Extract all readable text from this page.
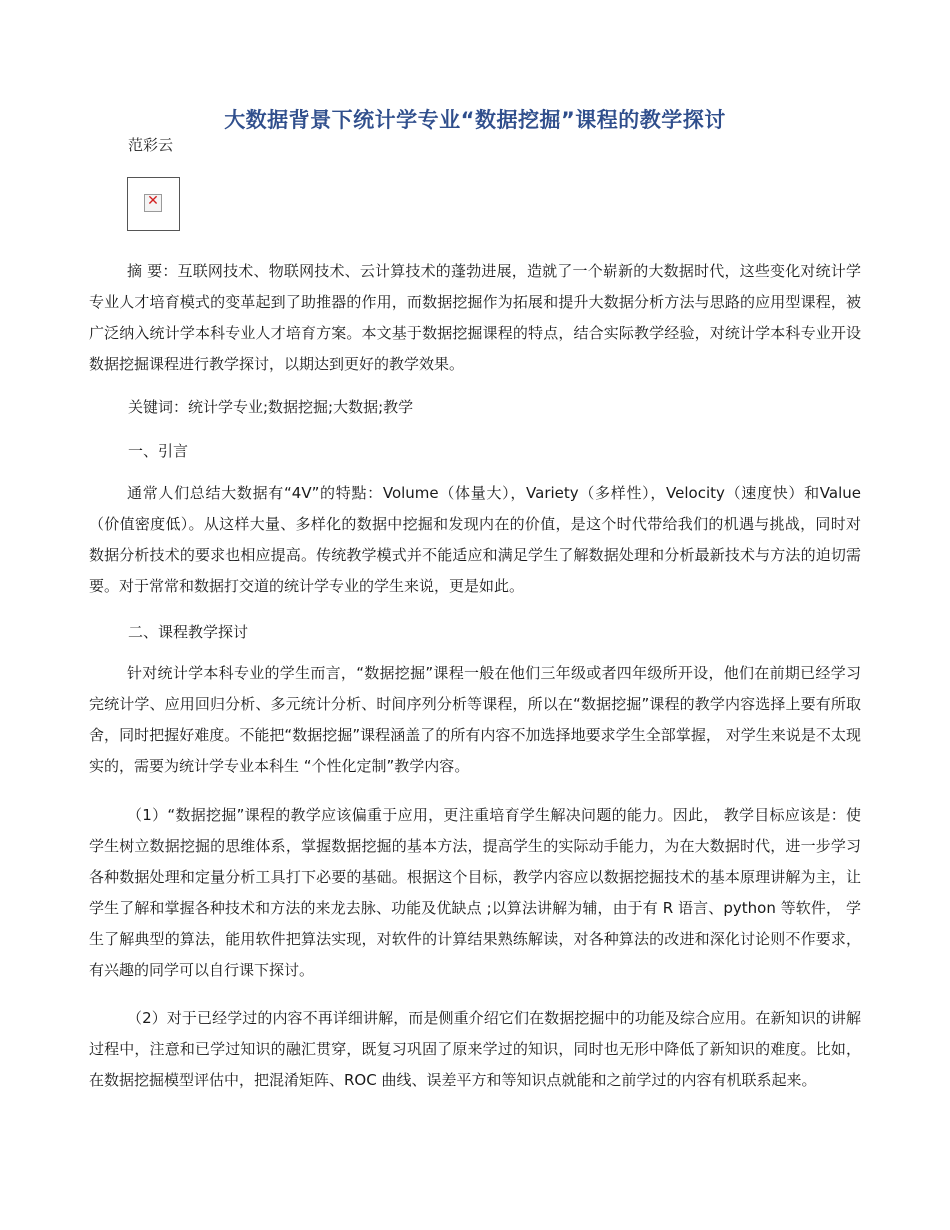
大数据背景下统计学专业“数据挖掘”课程的教学探讨
范彩云
✕

摘 要：互联网技术、物联网技术、云计算技术的蓬勃进展，造就了一个崭新的大数据时代，这些变化对统计学专业人才培育模式的变革起到了助推器的作用，而数据挖掘作为拓展和提升大数据分析方法与思路的应用型课程，被广泛纳入统计学本科专业人才培育方案。本文基于数据挖掘课程的特点，结合实际教学经验，对统计学本科专业开设数据挖掘课程进行教学探讨，以期达到更好的教学效果。

关键词：统计学专业;数据挖掘;大数据;教学
一、引言

通常人们总结大数据有“4V”的特點：Volume（体量大），Variety（多样性），Velocity（速度快）和Value（价值密度低）。从这样大量、多样化的数据中挖掘和发现内在的价值，是这个时代带给我们的机遇与挑战，同时对数据分析技术的要求也相应提高。传统教学模式并不能适应和满足学生了解数据处理和分析最新技术与方法的迫切需要。对于常常和数据打交道的统计学专业的学生来说，更是如此。

二、课程教学探讨

针对统计学本科专业的学生而言，“数据挖掘”课程一般在他们三年级或者四年级所开设，他们在前期已经学习完统计学、应用回归分析、多元统计分析、时间序列分析等课程，所以在“数据挖掘”课程的教学内容选择上要有所取舍，同时把握好难度。不能把“数据挖掘”课程涵盖了的所有内容不加选择地要求学生全部掌握， 对学生来说是不太现实的，需要为统计学专业本科生 “个性化定制”教学内容。

（1）“数据挖掘”课程的教学应该偏重于应用，更注重培育学生解决问题的能力。因此， 教学目标应该是：使学生树立数据挖掘的思维体系，掌握数据挖掘的基本方法，提高学生的实际动手能力，为在大数据时代，进一步学习各种数据处理和定量分析工具打下必要的基础。根据这个目标，教学内容应以数据挖掘技术的基本原理讲解为主，让学生了解和掌握各种技术和方法的来龙去脉、功能及优缺点 ;以算法讲解为辅，由于有 R 语言、python 等软件， 学生了解典型的算法，能用软件把算法实现，对软件的计算结果熟练解读，对各种算法的改进和深化讨论则不作要求，有兴趣的同学可以自行课下探讨。

（2）对于已经学过的内容不再详细讲解，而是侧重介绍它们在数据挖掘中的功能及综合应用。在新知识的讲解过程中，注意和已学过知识的融汇贯穿，既复习巩固了原来学过的知识，同时也无形中降低了新知识的难度。比如，在数据挖掘模型评估中，把混淆矩阵、ROC 曲线、误差平方和等知识点就能和之前学过的内容有机联系起来。
